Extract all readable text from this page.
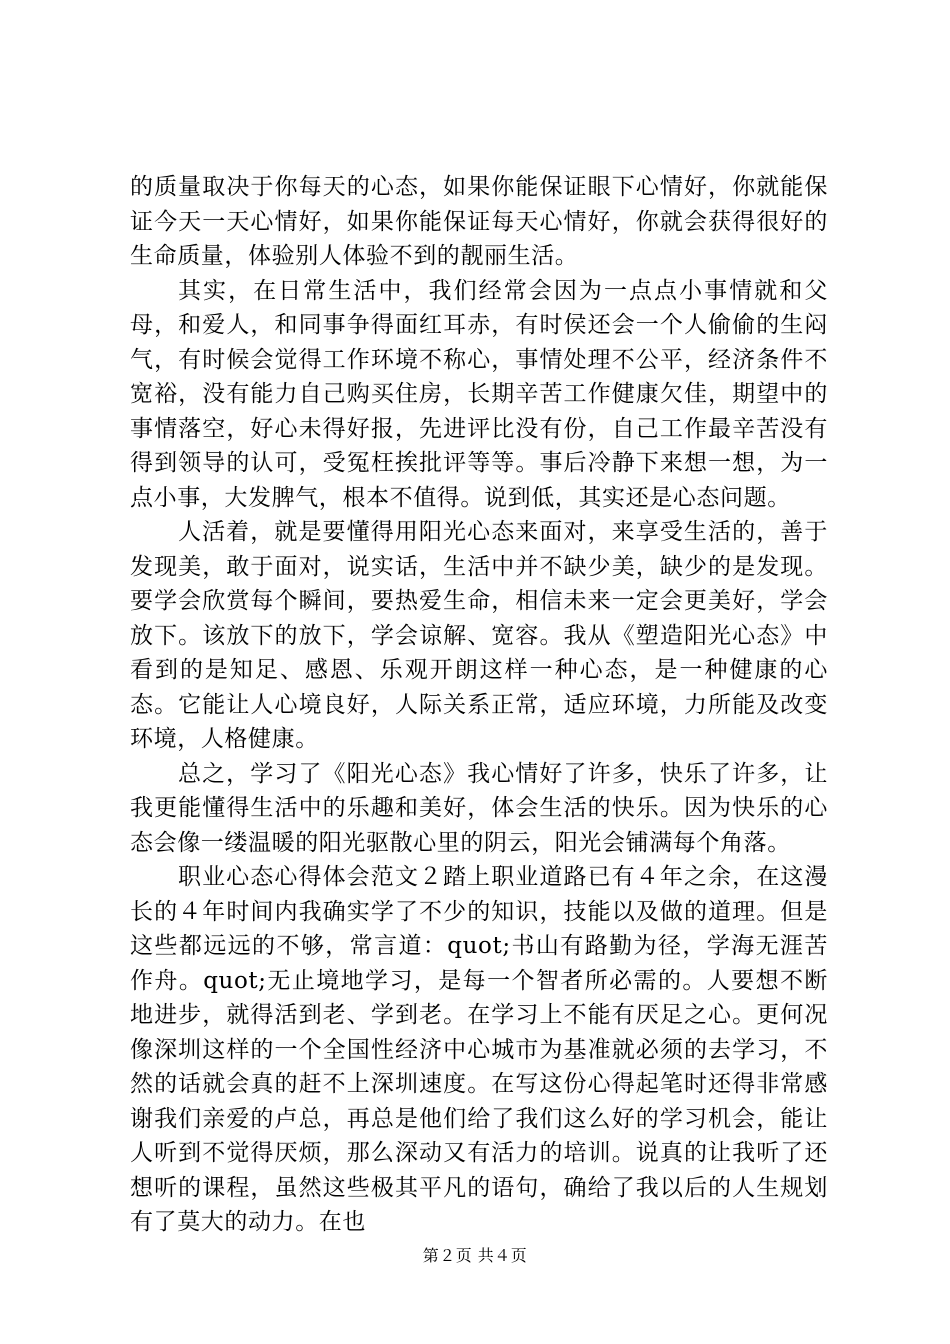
的质量取决于你每天的心态，如果你能保证眼下心情好，你就能保证今天一天心情好，如果你能保证每天心情好，你就会获得很好的生命质量，体验别人体验不到的靓丽生活。

其实，在日常生活中，我们经常会因为一点点小事情就和父母，和爱人，和同事争得面红耳赤，有时侯还会一个人偷偷的生闷气，有时候会觉得工作环境不称心，事情处理不公平，经济条件不宽裕，没有能力自己购买住房，长期辛苦工作健康欠佳，期望中的事情落空，好心未得好报，先进评比没有份，自己工作最辛苦没有得到领导的认可，受冤枉挨批评等等。事后冷静下来想一想，为一点小事，大发脾气，根本不值得。说到低，其实还是心态问题。

人活着，就是要懂得用阳光心态来面对，来享受生活的，善于发现美，敢于面对，说实话，生活中并不缺少美，缺少的是发现。要学会欣赏每个瞬间，要热爱生命，相信未来一定会更美好，学会放下。该放下的放下，学会谅解、宽容。我从《塑造阳光心态》中看到的是知足、感恩、乐观开朗这样一种心态，是一种健康的心态。它能让人心境良好，人际关系正常，适应环境，力所能及改变环境，人格健康。

总之，学习了《阳光心态》我心情好了许多，快乐了许多，让我更能懂得生活中的乐趣和美好，体会生活的快乐。因为快乐的心态会像一缕温暖的阳光驱散心里的阴云，阳光会铺满每个角落。

职业心态心得体会范文２踏上职业道路已有４年之余，在这漫长的４年时间内我确实学了不少的知识，技能以及做的道理。但是这些都远远的不够，常言道：quot;书山有路勤为径，学海无涯苦作舟。quot;无止境地学习，是每一个智者所必需的。人要想不断地进步，就得活到老、学到老。在学习上不能有厌足之心。更何况像深圳这样的一个全国性经济中心城市为基准就必须的去学习，不然的话就会真的赶不上深圳速度。在写这份心得起笔时还得非常感谢我们亲爱的卢总，再总是他们给了我们这么好的学习机会，能让人听到不觉得厌烦，那么深动又有活力的培训。说真的让我听了还想听的课程，虽然这些极其平凡的语句，确给了我以后的人生规划有了莫大的动力。在也

第２页 共４页
